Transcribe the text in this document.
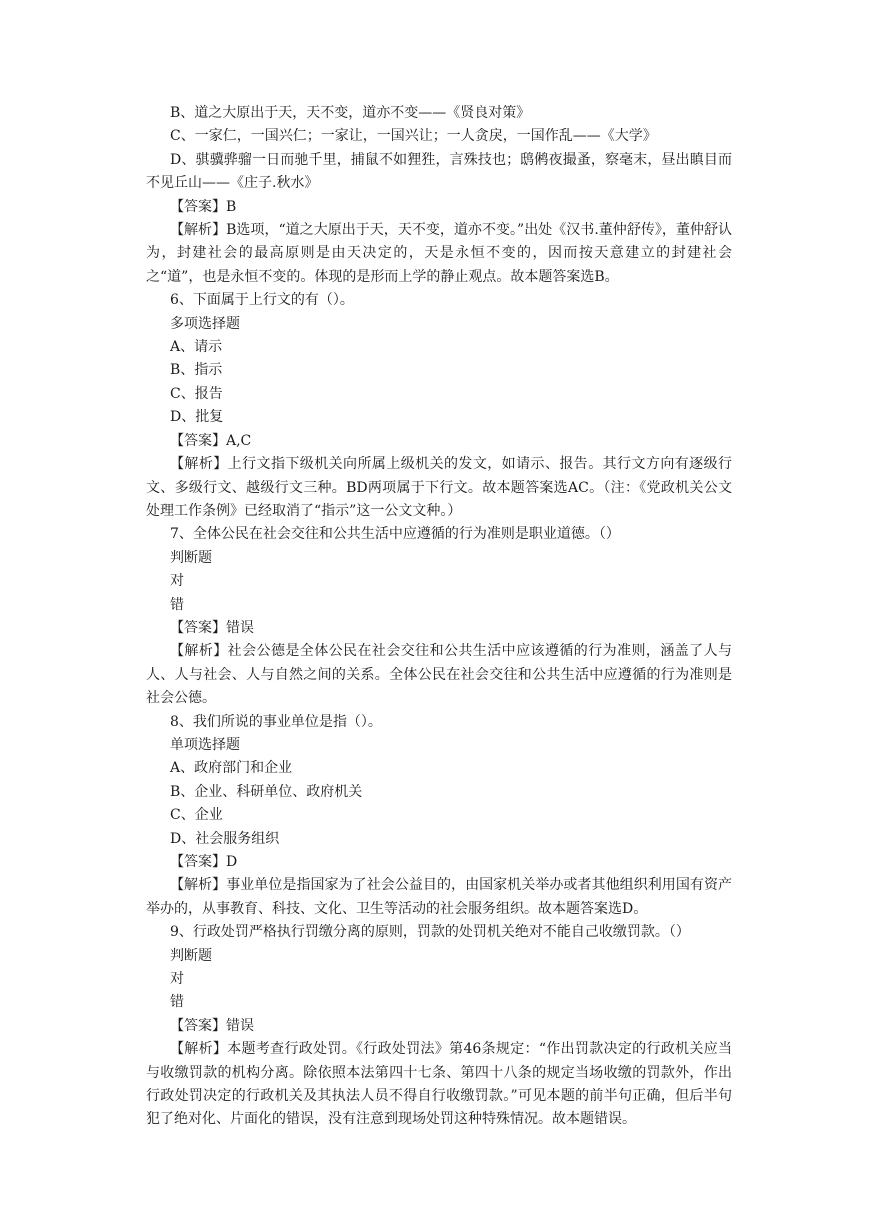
B、道之大原出于天，天不变，道亦不变——《贤良对策》

C、一家仁，一国兴仁；一家让，一国兴让；一人贪戾，一国作乱——《大学》

D、骐骥骅骝一日而驰千里，捕鼠不如狸狌，言殊技也；鸱鸺夜撮蚤，察毫末，昼出瞋目而不见丘山——《庄子.秋水》

【答案】B

【解析】B选项，“道之大原出于天，天不变，道亦不变。”出处《汉书.董仲舒传》，董仲舒认为，封建社会的最高原则是由天决定的，天是永恒不变的，因而按天意建立的封建社会之“道”，也是永恒不变的。体现的是形而上学的静止观点。故本题答案选B。

6、下面属于上行文的有（）。

多项选择题

A、请示

B、指示

C、报告

D、批复

【答案】A,C

【解析】上行文指下级机关向所属上级机关的发文，如请示、报告。其行文方向有逐级行文、多级行文、越级行文三种。BD两项属于下行文。故本题答案选AC。（注：《党政机关公文处理工作条例》已经取消了“指示”这一公文文种。）

7、全体公民在社会交往和公共生活中应遵循的行为准则是职业道德。（）

判断题

对

错

【答案】错误

【解析】社会公德是全体公民在社会交往和公共生活中应该遵循的行为准则，涵盖了人与人、人与社会、人与自然之间的关系。全体公民在社会交往和公共生活中应遵循的行为准则是社会公德。

8、我们所说的事业单位是指（）。

单项选择题

A、政府部门和企业

B、企业、科研单位、政府机关

C、企业

D、社会服务组织

【答案】D

【解析】事业单位是指国家为了社会公益目的，由国家机关举办或者其他组织利用国有资产举办的，从事教育、科技、文化、卫生等活动的社会服务组织。故本题答案选D。

9、行政处罚严格执行罚缴分离的原则，罚款的处罚机关绝对不能自己收缴罚款。（）

判断题

对

错

【答案】错误

【解析】本题考查行政处罚。《行政处罚法》第46条规定：“作出罚款决定的行政机关应当与收缴罚款的机构分离。除依照本法第四十七条、第四十八条的规定当场收缴的罚款外，作出行政处罚决定的行政机关及其执法人员不得自行收缴罚款。”可见本题的前半句正确，但后半句犯了绝对化、片面化的错误，没有注意到现场处罚这种特殊情况。故本题错误。
